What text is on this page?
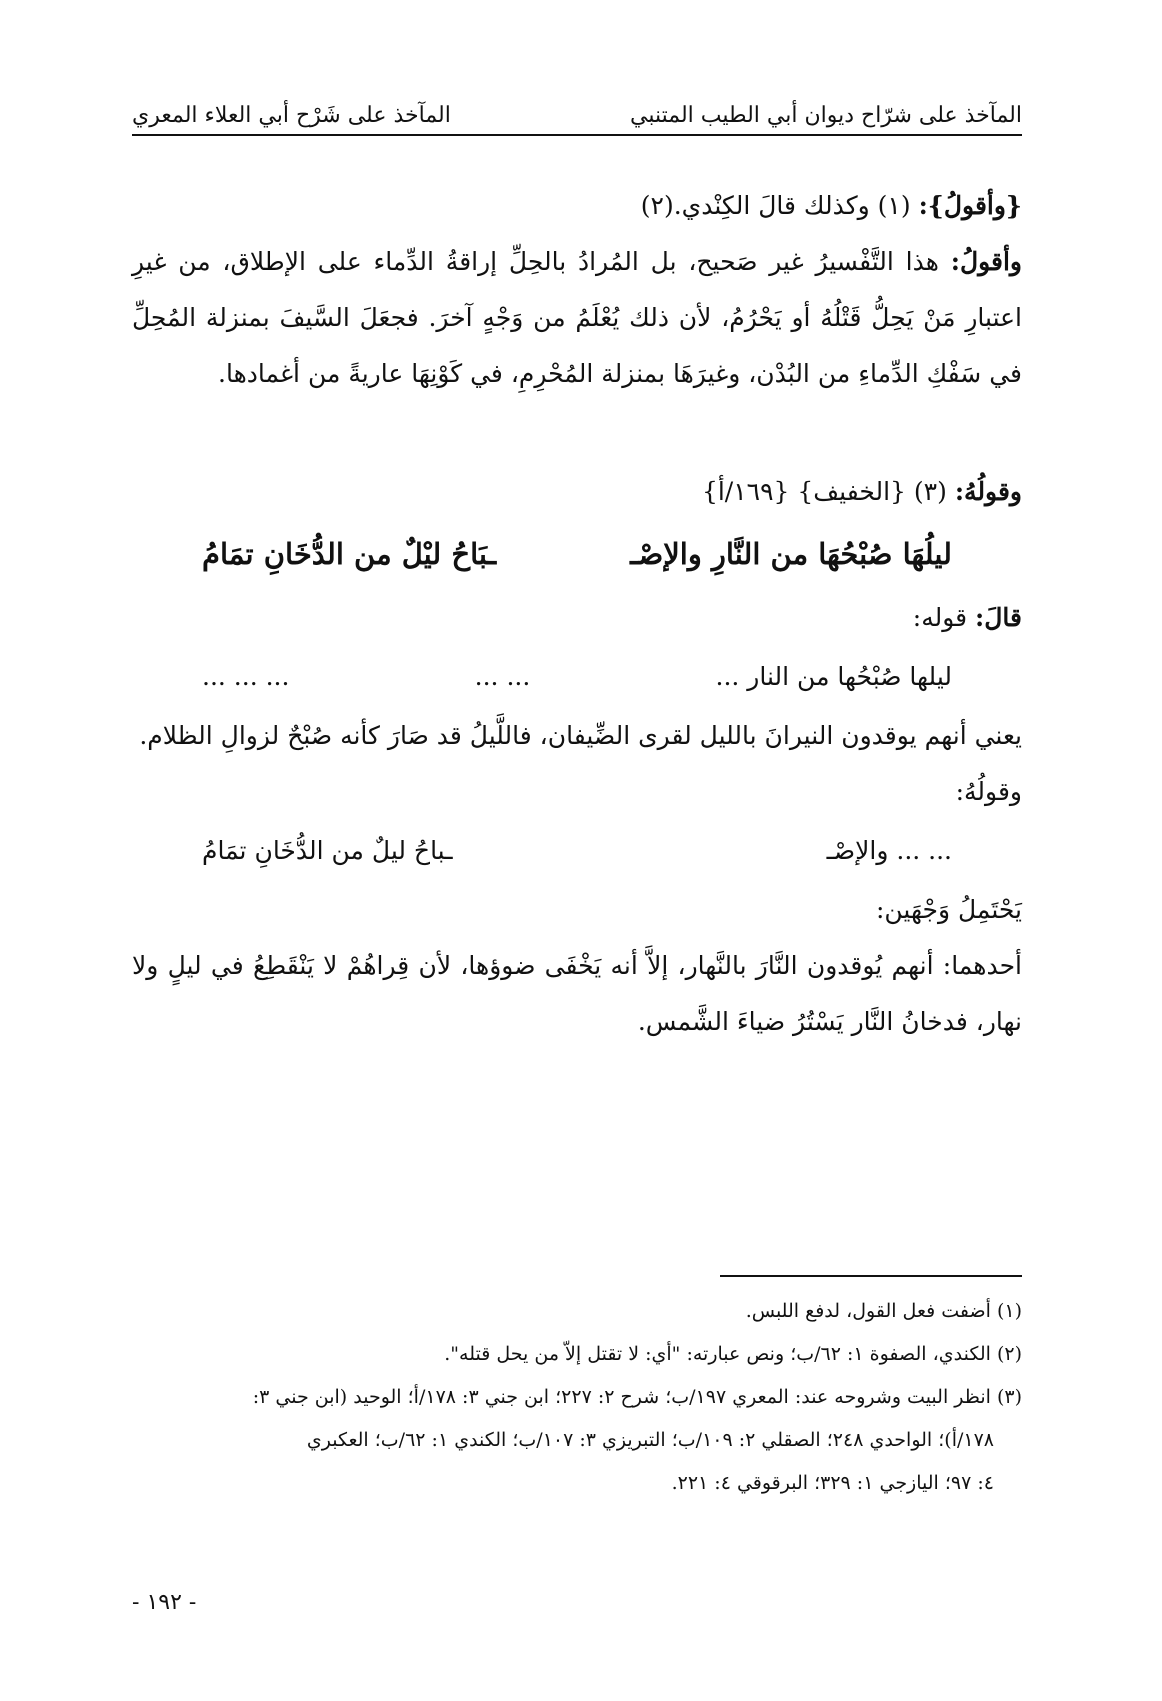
المآخذ على شرّاح ديوان أبي الطيب المتنبي
المآخذ على شَرْح أبي العلاء المعري

{وأقولُ}: (١) وكذلك قالَ الكِنْدي.(٢)

وأقولُ: هذا التَّفْسيرُ غير صَحيح، بل المُرادُ بالحِلِّ إراقةُ الدِّماء على الإطلاق، من غيرِ اعتبارِ مَنْ يَحِلُّ قَتْلُهُ أو يَحْرُمُ، لأن ذلك يُعْلَمُ من وَجْهٍ آخرَ. فجعَلَ السَّيفَ بمنزلة المُحِلِّ في سَفْكِ الدِّماءِ من البُدْن، وغيرَهَا بمنزلة المُحْرِمِ، في كَوْنِهَا عاريةً من أغمادها.

وقولُهُ: (٣) {الخفيف} {١٦٩/أ}

ليلُهَا صُبْحُهَا من النَّارِ والإصْـ
ـبَاحُ ليْلٌ من الدُّخَانِ تمَامُ

قالَ: قوله:

ليلها صُبْحُها من النار ...
... ...
... ... ...

يعني أنهم يوقدون النيرانَ بالليل لقرى الضِّيفان، فاللَّيلُ قد صَارَ كأنه صُبْحٌ لزوالِ الظلام.

وقولُهُ:

... ... والإصْـ
ـباحُ ليلٌ من الدُّخَانِ تمَامُ

يَحْتَمِلُ وَجْهَين:

أحدهما: أنهم يُوقدون النَّارَ بالنَّهار، إلاَّ أنه يَخْفَى ضوؤها، لأن قِراهُمْ لا يَنْقَطِعُ في ليلٍ ولا نهار، فدخانُ النَّار يَسْتُرُ ضياءَ الشَّمس.

(١) أضفت فعل القول، لدفع اللبس.
(٢) الكندي، الصفوة ١: ٦٢/ب؛ ونص عبارته: "أي: لا تقتل إلاّ من يحل قتله".
(٣) انظر البيت وشروحه عند: المعري ١٩٧/ب؛ شرح ٢: ٢٢٧؛ ابن جني ٣: ١٧٨/أ؛ الوحيد (ابن جني ٣:
١٧٨/أ)؛ الواحدي ٢٤٨؛ الصقلي ٢: ١٠٩/ب؛ التبريزي ٣: ١٠٧/ب؛ الكندي ١: ٦٢/ب؛ العكبري
٤: ٩٧؛ اليازجي ١: ٣٢٩؛ البرقوقي ٤: ٢٢١.
- ١٩٢ -
